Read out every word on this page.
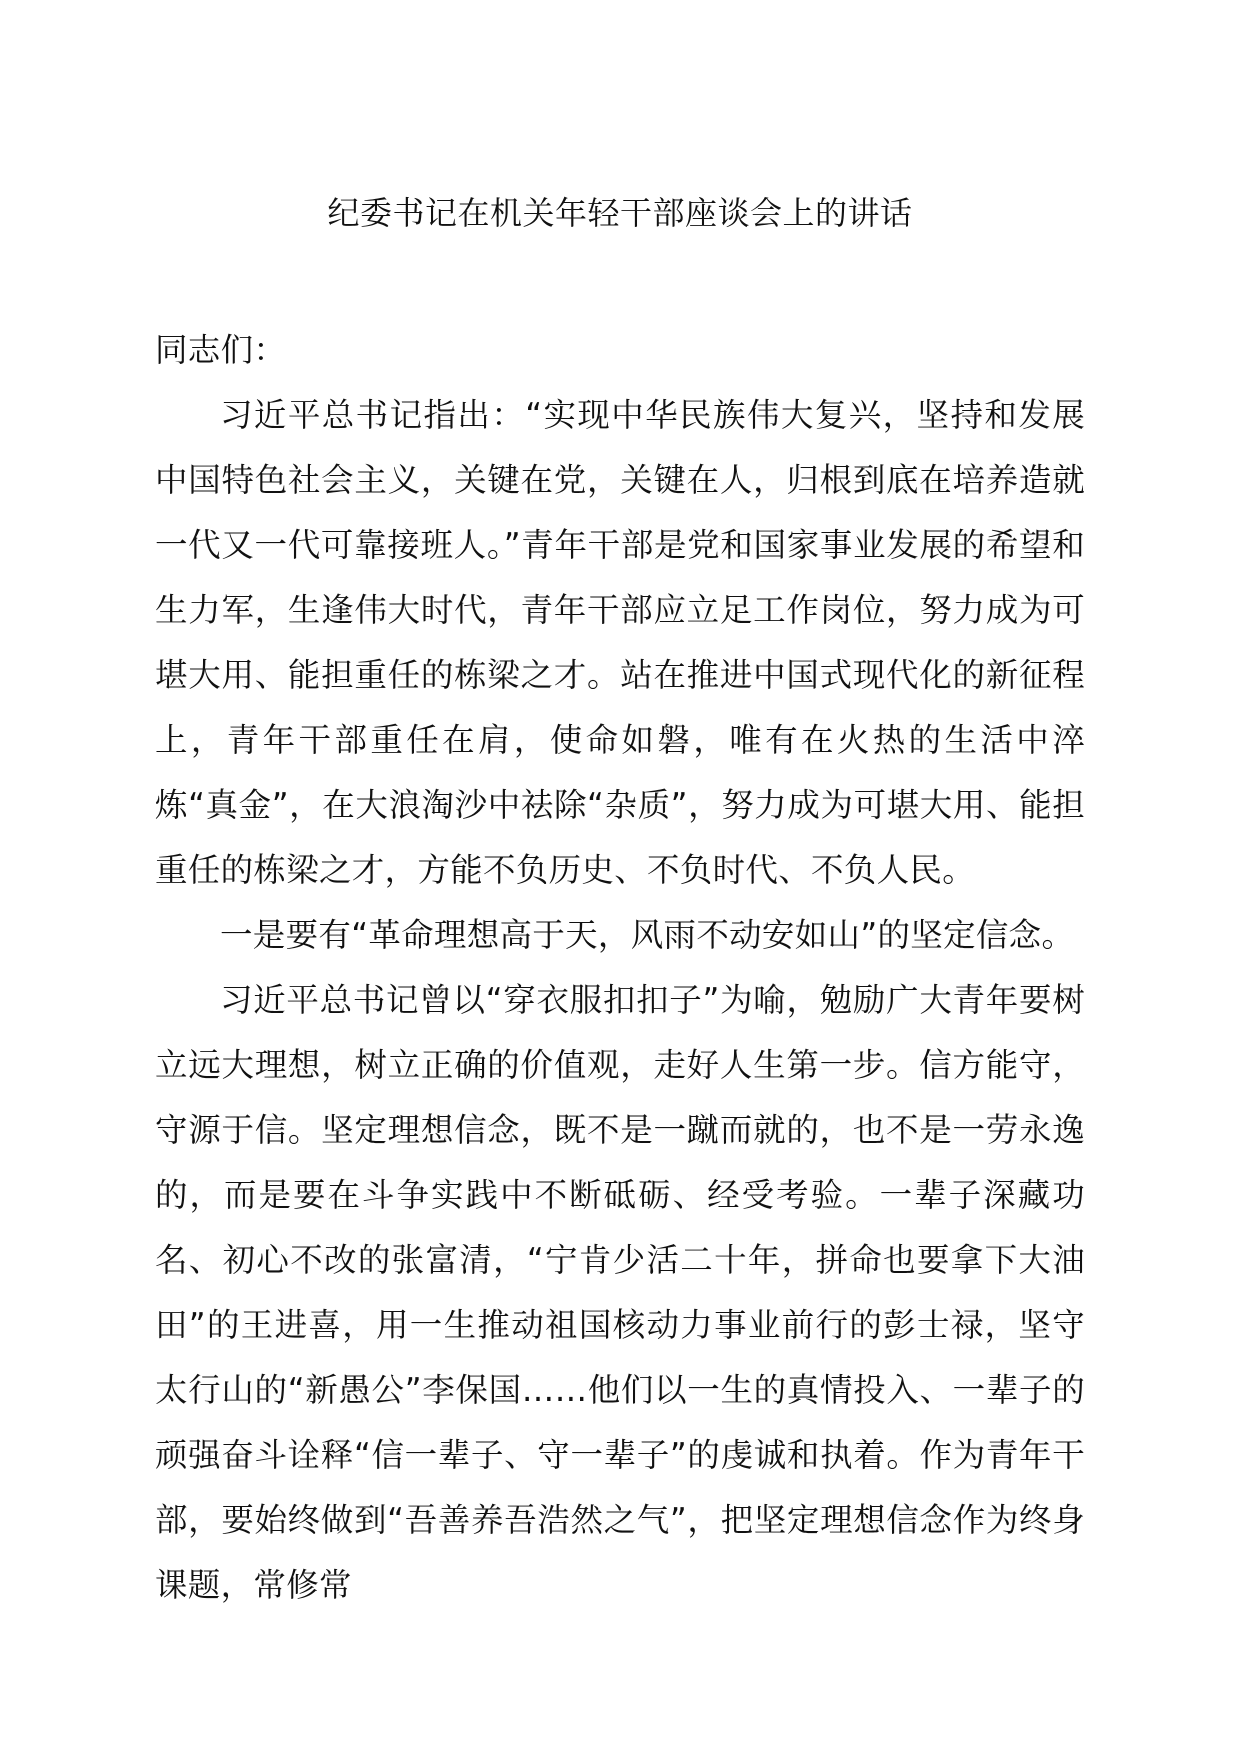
纪委书记在机关年轻干部座谈会上的讲话

同志们：

习近平总书记指出：“实现中华民族伟大复兴，坚持和发展中国特色社会主义，关键在党，关键在人，归根到底在培养造就一代又一代可靠接班人。”青年干部是党和国家事业发展的希望和生力军，生逢伟大时代，青年干部应立足工作岗位，努力成为可堪大用、能担重任的栋梁之才。站在推进中国式现代化的新征程上，青年干部重任在肩，使命如磐，唯有在火热的生活中淬炼“真金”，在大浪淘沙中祛除“杂质”，努力成为可堪大用、能担重任的栋梁之才，方能不负历史、不负时代、不负人民。

一是要有“革命理想高于天，风雨不动安如山”的坚定信念。

习近平总书记曾以“穿衣服扣扣子”为喻，勉励广大青年要树立远大理想，树立正确的价值观，走好人生第一步。信方能守，守源于信。坚定理想信念，既不是一蹴而就的，也不是一劳永逸的，而是要在斗争实践中不断砥砺、经受考验。一辈子深藏功名、初心不改的张富清，“宁肯少活二十年，拼命也要拿下大油田”的王进喜，用一生推动祖国核动力事业前行的彭士禄，坚守太行山的“新愚公”李保国……他们以一生的真情投入、一辈子的顽强奋斗诠释“信一辈子、守一辈子”的虔诚和执着。作为青年干部，要始终做到“吾善养吾浩然之气”，把坚定理想信念作为终身课题，常修常
